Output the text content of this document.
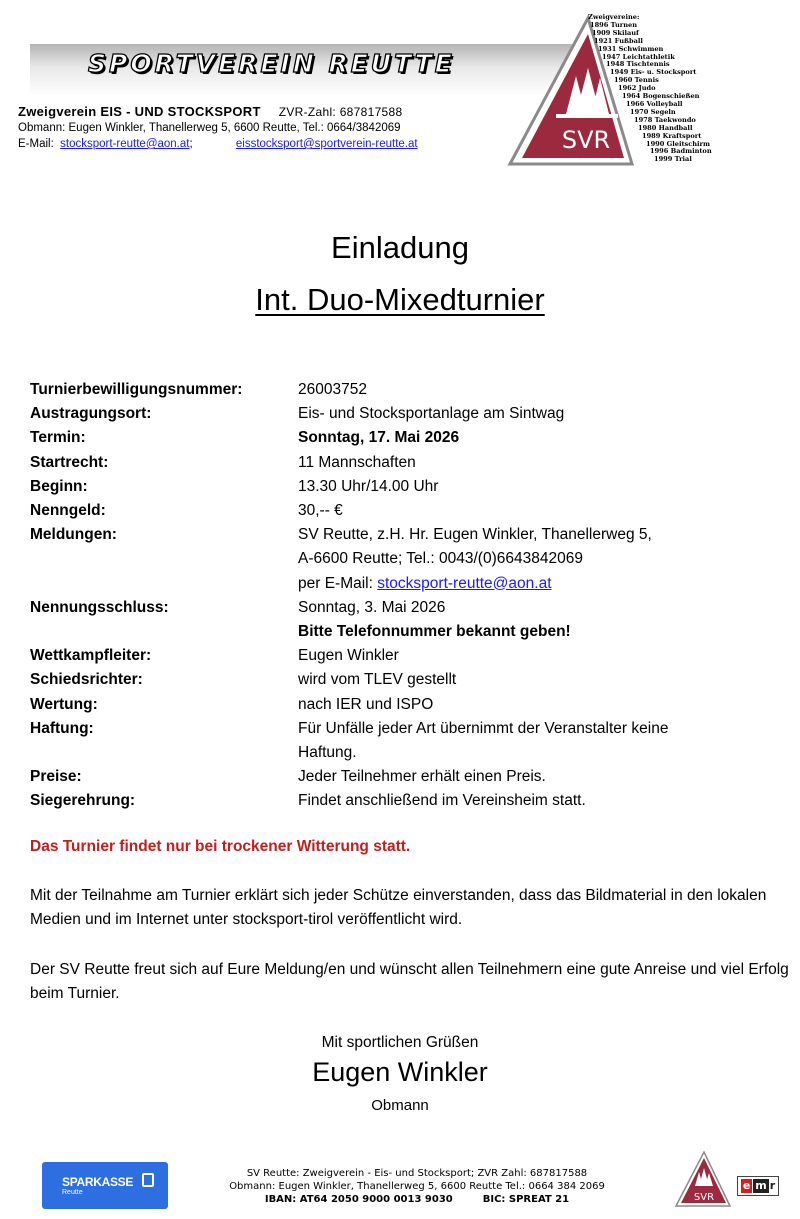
SPORTVEREIN REUTTE
Zweigverein EIS - UND STOCKSPORT ZVR-Zahl: 687817588
Obmann: Eugen Winkler, Thanellerweg 5, 6600 Reutte, Tel.: 0664/3842069
E-Mail: stocksport-reutte@aon.at;	eisstocksport@sportverein-reutte.at	SVR
Zweigvereine:
1896 Turnen
1909 Skilauf
1921 Fußball
1931 Schwimmen
1947 Leichtathletik
1948 Tischtennis
1949 Eis- u. Stocksport
1960 Tennis
1962 Judo
1964 Bogenschießen
1966 Volleyball
1970 Segeln
1978 Taekwondo
1980 Handball
1989 Kraftsport
1990 Gleitschirm
1996 Badminton
1999 Trial
Einladung
Int. Duo-Mixedturnier
Turnierbewilligungsnummer:	26003752
Austragungsort:	Eis- und Stocksportanlage am Sintwag
Termin:	Sonntag, 17. Mai 2026
Startrecht:	11 Mannschaften
Beginn:	13.30 Uhr/14.00 Uhr
Nenngeld:	30,-- €
Meldungen:	SV Reutte, z.H. Hr. Eugen Winkler, Thanellerweg 5,
A-6600 Reutte; Tel.: 0043/(0)6643842069
per E-Mail: stocksport-reutte@aon.at
Nennungsschluss:	Sonntag, 3. Mai 2026
Bitte Telefonnummer bekannt geben!
Wettkampfleiter:	Eugen Winkler
Schiedsrichter:	wird vom TLEV gestellt
Wertung:	nach IER und ISPO
Haftung:	Für Unfälle jeder Art übernimmt der Veranstalter keine
Haftung.
Preise:	Jeder Teilnehmer erhält einen Preis.
Siegerehrung:	Findet anschließend im Vereinsheim statt.
Das Turnier findet nur bei trockener Witterung statt.
Mit der Teilnahme am Turnier erklärt sich jeder Schütze einverstanden, dass das Bildmaterial in den lokalen Medien und im Internet unter stocksport-tirol veröffentlicht wird.
Der SV Reutte freut sich auf Eure Meldung/en und wünscht allen Teilnehmern eine gute Anreise und viel Erfolg beim Turnier.
Mit sportlichen Grüßen
Eugen Winkler
Obmann
SPARKASSE
Reutte
SV Reutte: Zweigverein - Eis- und Stocksport; ZVR Zahl: 687817588
Obmann: Eugen Winkler, Thanellerweg 5, 6600 Reutte Tel.: 0664 384 2069
IBAN: AT64 2050 9000 0013 9030	BIC: SPREAT 21	SVR
e m r
